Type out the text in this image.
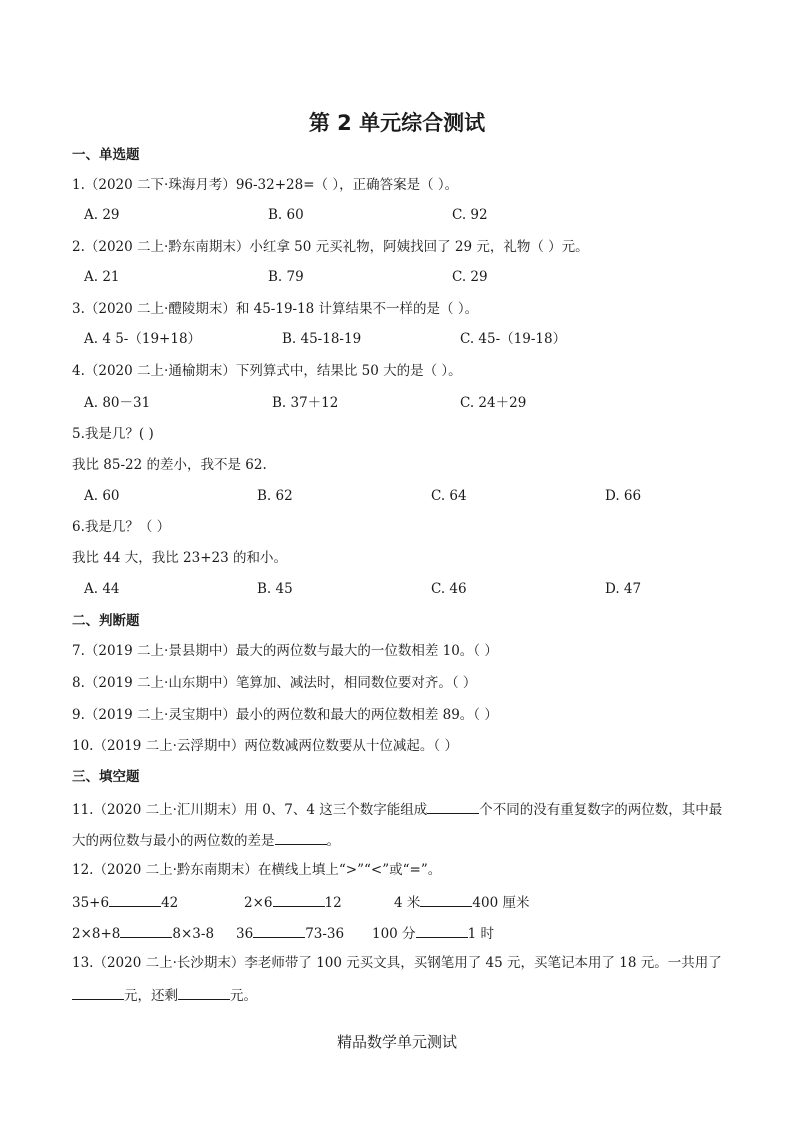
第 2 单元综合测试
一、单选题
1.（2020 二下·珠海月考）96-32+28=（ ），正确答案是（ ）。
A. 29	B. 60	C. 92
2.（2020 二上·黔东南期末）小红拿 50 元买礼物，阿姨找回了 29 元，礼物（ ）元。
A. 21	B. 79	C. 29
3.（2020 二上·醴陵期末）和 45-19-18 计算结果不一样的是（ ）。
A. 4 5-（19+18）	B. 45-18-19	C. 45-（19-18）
4.（2020 二上·通榆期末）下列算式中，结果比 50 大的是（ ）。
A. 80－31	B. 37＋12	C. 24＋29
5.我是几？( )
我比 85-22 的差小，我不是 62.
A. 60	B. 62	C. 64	D. 66
6.我是几？（ ）
我比 44 大，我比 23+23 的和小。
A. 44	B. 45	C. 46	D. 47
二、判断题
7.（2019 二上·景县期中）最大的两位数与最大的一位数相差 10。（ ）
8.（2019 二上·山东期中）笔算加、减法时，相同数位要对齐。（ ）
9.（2019 二上·灵宝期中）最小的两位数和最大的两位数相差 89。（ ）
10.（2019 二上·云浮期中）两位数减两位数要从十位减起。（ ）
三、填空题
11.（2020 二上·汇川期末）用 0、7、4 这三个数字能组成	个不同的没有重复数字的两位数，其中最
大的两位数与最小的两位数的差是	。
12.（2020 二上·黔东南期末）在横线上填上“>”“<”或“=”。
35+6	42	2×6	12	4 米	400 厘米
2×8+8	8×3-8 36	73-36 100 分	1 时
13.（2020 二上·长沙期末）李老师带了 100 元买文具，买钢笔用了 45 元，买笔记本用了 18 元。一共用了
元，还剩	元。
精品数学单元测试
